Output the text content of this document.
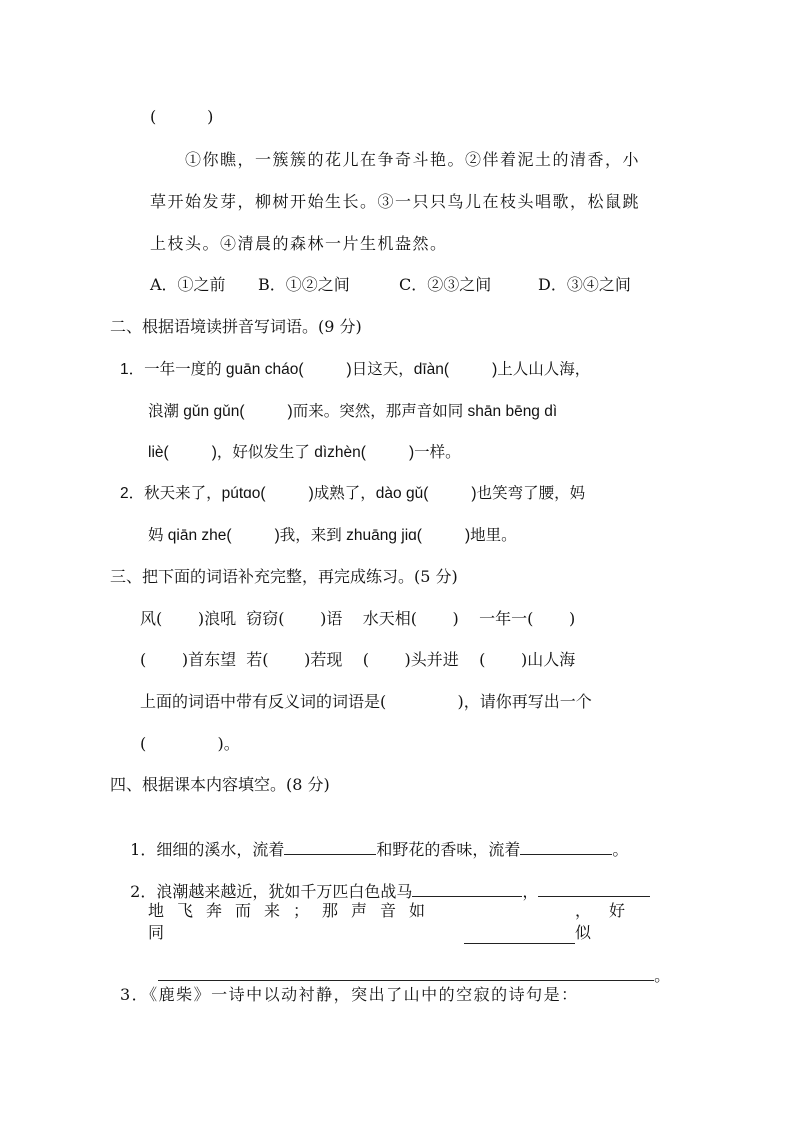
(          )
①你瞧，一簇簇的花儿在争奇斗艳。②伴着泥土的清香，小
草开始发芽，柳树开始生长。③一只只鸟儿在枝头唱歌，松鼠跳
上枝头。④清晨的森林一片生机盎然。
A．①之前 B．①②之间	C．②③之间	D．③④之间
二、根据语境读拼音写词语。(9 分)
1．一年一度的 guān cháo(          )日这天，dīàn(          )上人山人海，
浪潮 gǔn gǔn(          )而来。突然，那声音如同 shān bēng dì
liè(          )，好似发生了 dìzhèn(          )一样。
2．秋天来了，pútɑo(          )成熟了，dào gǔ(          )也笑弯了腰，妈
妈 qiān zhe(          )我，来到 zhuāng jiɑ(          )地里。
三、把下面的词语补充完整，再完成练习。(5 分)
风(       )浪吼  窃窃(       )语    水天相(       )    一年一(       )
(       )首东望  若(       )若现    (       )头并进    (       )山人海
上面的词语中带有反义词的词语是(              )，请你再写出一个
(              )。
四、根据课本内容填空。(8 分)

1．细细的溪水，流着	和野花的香味，流着	。

2．浪潮越来越近，犹如千万匹白色战马	，

地飞奔而来；那声音如同
，好似

。

3．《鹿柴》一诗中以动衬静，突出了山中的空寂的诗句是：
